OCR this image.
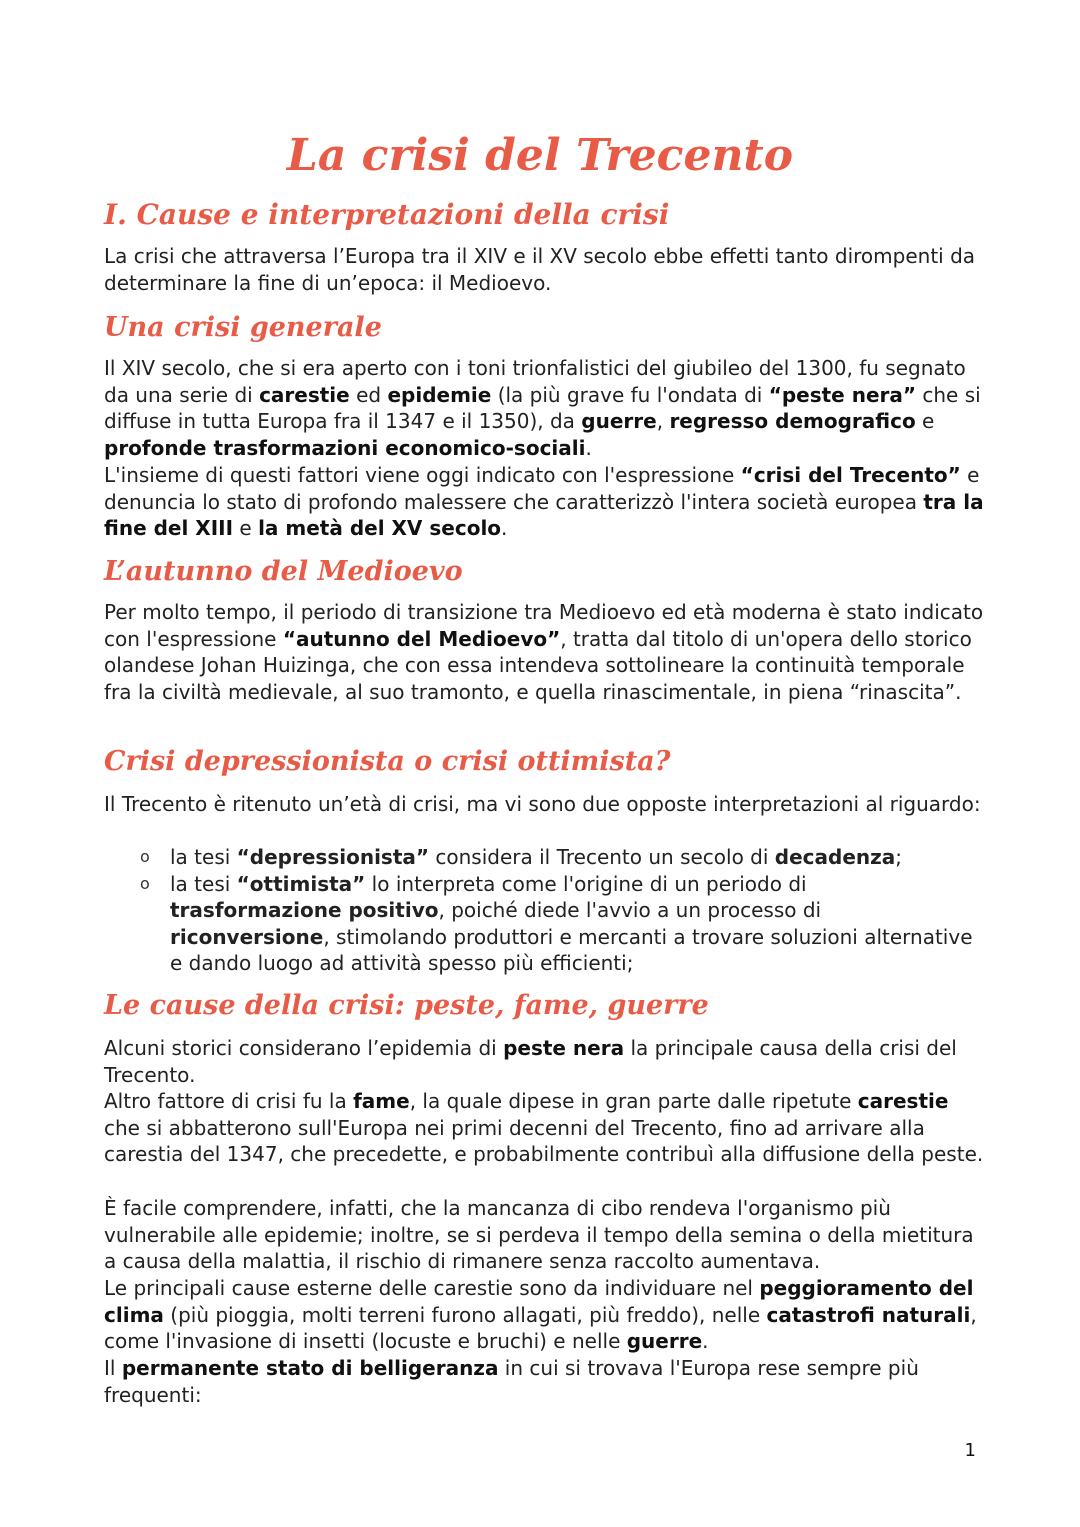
La crisi del Trecento
I. Cause e interpretazioni della crisi
La crisi che attraversa l’Europa tra il XIV e il XV secolo ebbe effetti tanto dirompenti da determinare la fine di un’epoca: il Medioevo.
Una crisi generale
Il XIV secolo, che si era aperto con i toni trionfalistici del giubileo del 1300, fu segnato da una serie di carestie ed epidemie (la più grave fu l'ondata di “peste nera” che si diffuse in tutta Europa fra il 1347 e il 1350), da guerre, regresso demografico e profonde trasformazioni economico-sociali.
L'insieme di questi fattori viene oggi indicato con l'espressione “crisi del Trecento” e denuncia lo stato di profondo malessere che caratterizzò l'intera società europea tra la fine del XIII e la metà del XV secolo.
L’autunno del Medioevo
Per molto tempo, il periodo di transizione tra Medioevo ed età moderna è stato indicato con l'espressione “autunno del Medioevo”, tratta dal titolo di un'opera dello storico olandese Johan Huizinga, che con essa intendeva sottolineare la continuità temporale fra la civiltà medievale, al suo tramonto, e quella rinascimentale, in piena “rinascita”.
Crisi depressionista o crisi ottimista?
Il Trecento è ritenuto un’età di crisi, ma vi sono due opposte interpretazioni al riguardo:
o la tesi “depressionista” considera il Trecento un secolo di decadenza;
o la tesi “ottimista” lo interpreta come l'origine di un periodo di trasformazione positivo, poiché diede l'avvio a un processo di riconversione, stimolando produttori e mercanti a trovare soluzioni alternative e dando luogo ad attività spesso più efficienti;
Le cause della crisi: peste, fame, guerre
Alcuni storici considerano l’epidemia di peste nera la principale causa della crisi del Trecento.
Altro fattore di crisi fu la fame, la quale dipese in gran parte dalle ripetute carestie che si abbatterono sull'Europa nei primi decenni del Trecento, fino ad arrivare alla carestia del 1347, che precedette, e probabilmente contribuì alla diffusione della peste.
È facile comprendere, infatti, che la mancanza di cibo rendeva l'organismo più vulnerabile alle epidemie; inoltre, se si perdeva il tempo della semina o della mietitura a causa della malattia, il rischio di rimanere senza raccolto aumentava.
Le principali cause esterne delle carestie sono da individuare nel peggioramento del clima (più pioggia, molti terreni furono allagati, più freddo), nelle catastrofi naturali, come l'invasione di insetti (locuste e bruchi) e nelle guerre.
Il permanente stato di belligeranza in cui si trovava l'Europa rese sempre più frequenti:
1
